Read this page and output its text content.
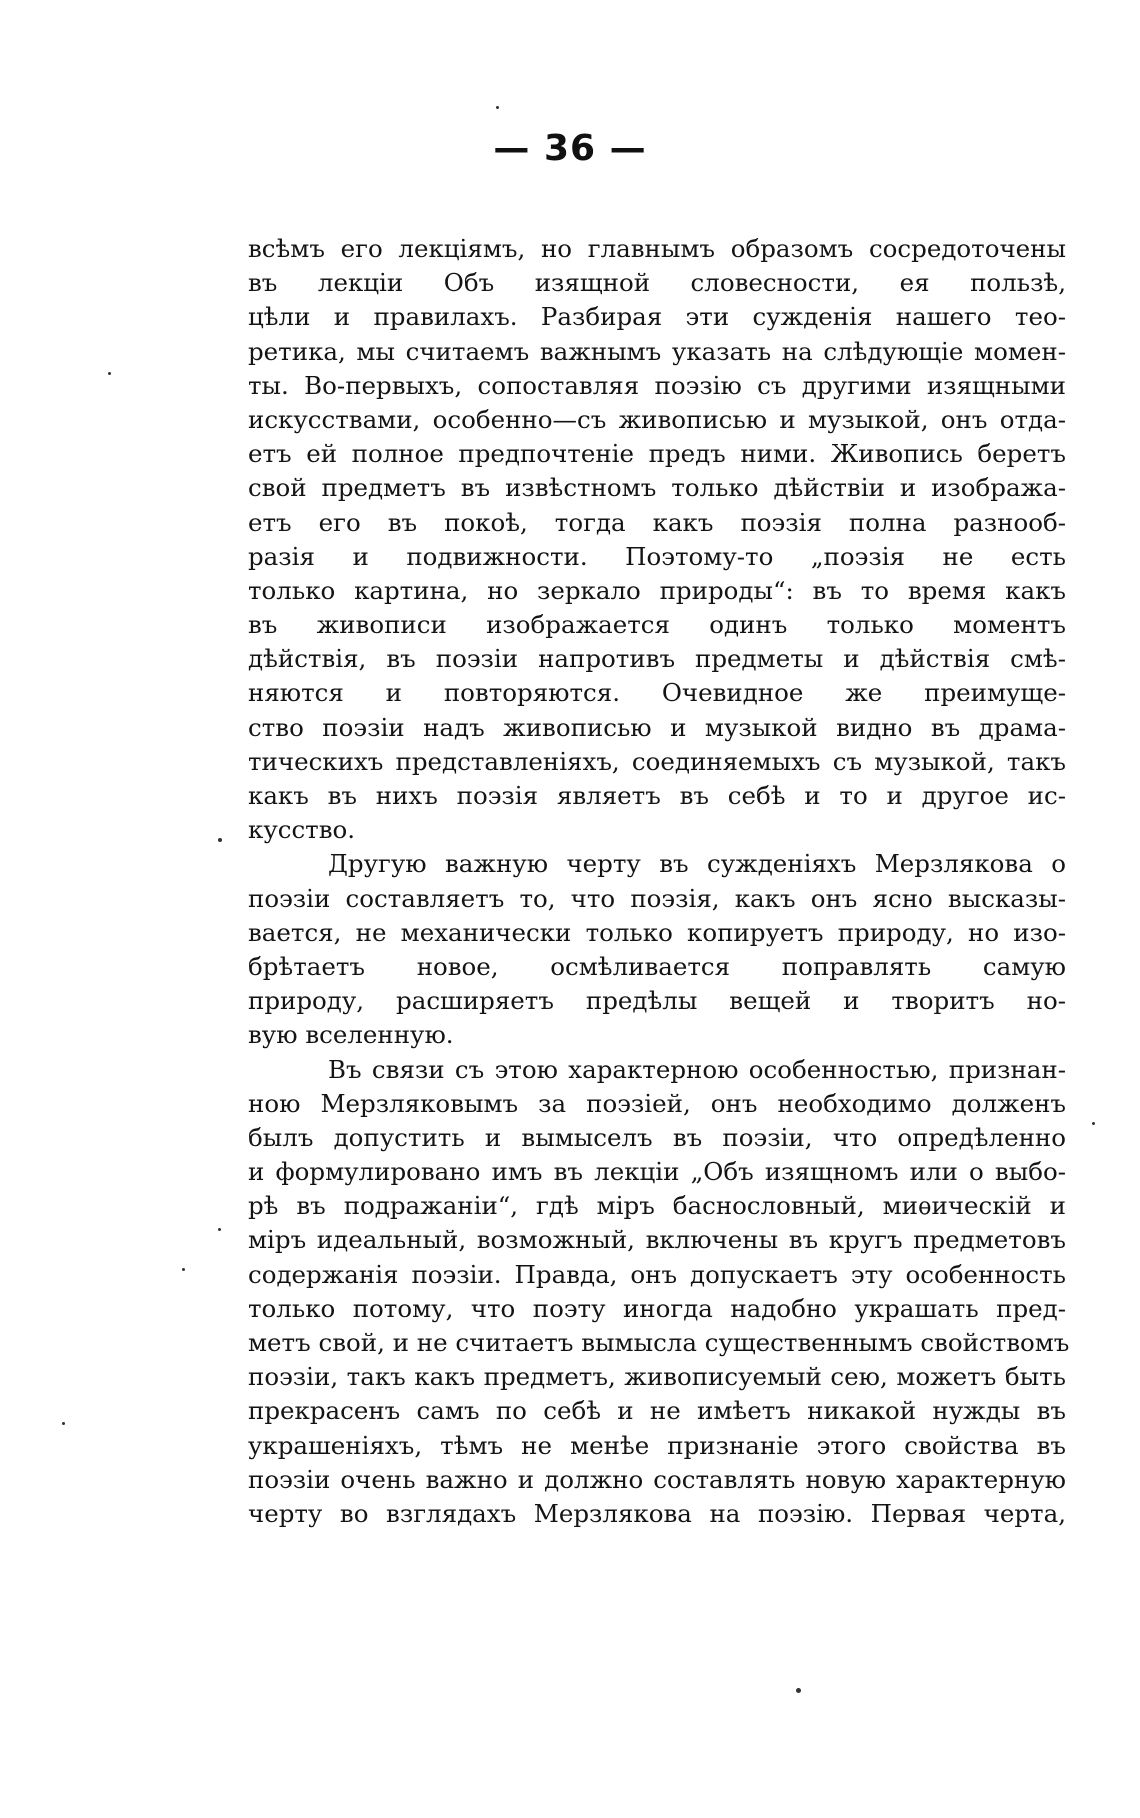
— 36 —
всѣмъ его лекціямъ, но главнымъ образомъ сосредоточены
въ лекціи Объ изящной словесности, ея пользѣ,
цѣли и правилахъ. Разбирая эти сужденія нашего тео-
ретика, мы считаемъ важнымъ указать на слѣдующіе момен-
ты. Во-первыхъ, сопоставляя поэзію съ другими изящными
искусствами, особенно—съ живописью и музыкой, онъ отда-
етъ ей полное предпочтеніе предъ ними. Живопись беретъ
свой предметъ въ извѣстномъ только дѣйствіи и изобража-
етъ его въ покоѣ, тогда какъ поэзія полна разнооб-
разія и подвижности. Поэтому-то „поэзія не есть
только картина, но зеркало природы“: въ то время какъ
въ живописи изображается одинъ только моментъ
дѣйствія, въ поэзіи напротивъ предметы и дѣйствія смѣ-
няются и повторяются. Очевидное же преимуще-
ство поэзіи надъ живописью и музыкой видно въ драма-
тическихъ представленіяхъ, соединяемыхъ съ музыкой, такъ
какъ въ нихъ поэзія являетъ въ себѣ и то и другое ис-
кусство.
Другую важную черту въ сужденіяхъ Мерзлякова о
поэзіи составляетъ то, что поэзія, какъ онъ ясно высказы-
вается, не механически только копируетъ природу, но изо-
брѣтаетъ новое, осмѣливается поправлять самую
природу, расширяетъ предѣлы вещей и творитъ но-
вую вселенную.
Въ связи съ этою характерною особенностью, признан-
ною Мерзляковымъ за поэзіей, онъ необходимо долженъ
былъ допустить и вымыселъ въ поэзіи, что опредѣленно
и формулировано имъ въ лекціи „Объ изящномъ или о выбо-
рѣ въ подражаніи“, гдѣ міръ баснословный, миѳическій и
міръ идеальный, возможный, включены въ кругъ предметовъ
содержанія поэзіи. Правда, онъ допускаетъ эту особенность
только потому, что поэту иногда надобно украшать пред-
метъ свой, и не считаетъ вымысла существеннымъ свойствомъ
поэзіи, такъ какъ предметъ, живописуемый сею, можетъ быть
прекрасенъ самъ по себѣ и не имѣетъ никакой нужды въ
украшеніяхъ, тѣмъ не менѣе признаніе этого свойства въ
поэзіи очень важно и должно составлять новую характерную
черту во взглядахъ Мерзлякова на поэзію. Первая черта,
